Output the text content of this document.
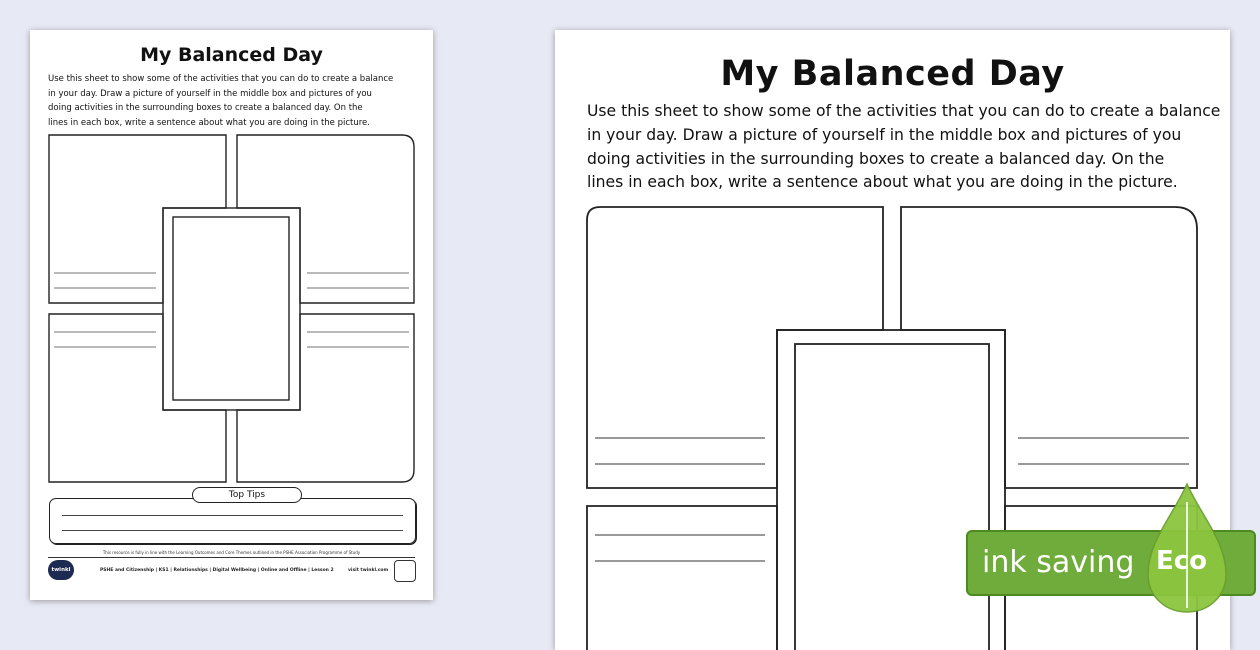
My Balanced Day
Use this sheet to show some of the activities that you can do to create a balance
in your day. Draw a picture of yourself in the middle box and pictures of you
doing activities in the surrounding boxes to create a balanced day. On the
lines in each box, write a sentence about what you are doing in the picture.
Top Tips
This resource is fully in line with the Learning Outcomes and Core Themes outlined in the PSHE Association Programme of Study
twinkl	PSHE and Citizenship | KS1 | Relationships | Digital Wellbeing | Online and Offline | Lesson 2	visit twinkl.com
My Balanced Day
Use this sheet to show some of the activities that you can do to create a balance
in your day. Draw a picture of yourself in the middle box and pictures of you
doing activities in the surrounding boxes to create a balanced day. On the
lines in each box, write a sentence about what you are doing in the picture.
ink saving Eco
